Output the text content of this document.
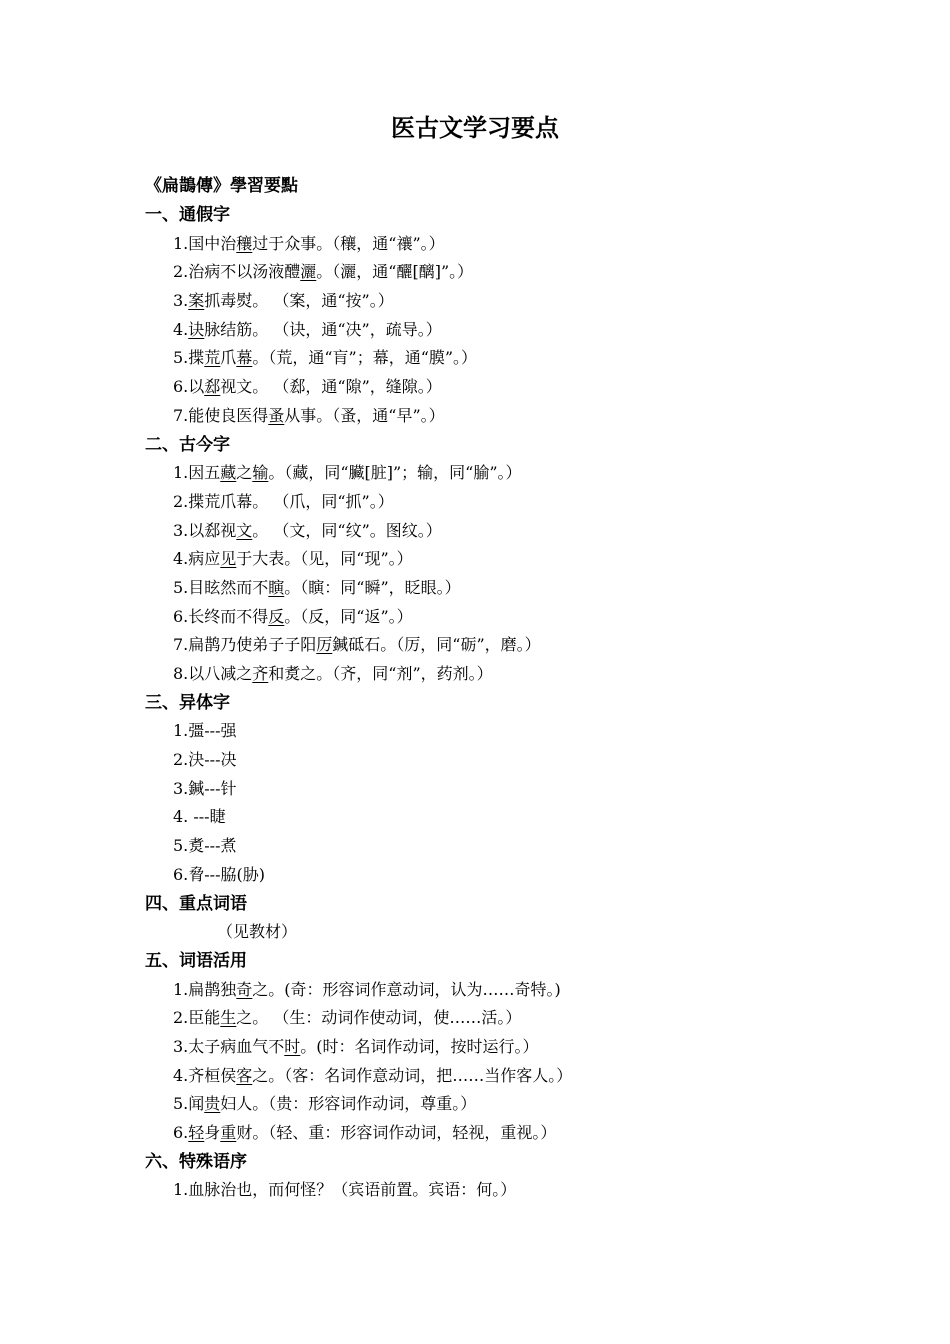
医古文学习要点
《扁鵲傳》學習要點
一、通假字
1.国中治穰过于众事。（穰，通“禳”。）
2.治病不以汤液醴灑。（灑，通“釃[醨]”。）
3.案抓毒熨。 （案，通“按”。）
4.诀脉结筋。 （诀，通“决”，疏导。）
5.揲荒爪幕。（荒，通“肓”；幕，通“膜”。）
6.以郄视文。 （郄，通“隙”，缝隙。）
7.能使良医得蚤从事。（蚤，通“早”。）
二、古今字
1.因五藏之输。（藏，同“臟[脏]”；输，同“腧”。）
2.揲荒爪幕。 （爪，同“抓”。）
3.以郄视文。 （文，同“纹”。图纹。）
4.病应见于大表。（见，同“现”。）
5.目眩然而不瞚。（瞚：同“瞬”，眨眼。）
6.长终而不得反。（反，同“返”。）
7.扁鹊乃使弟子子阳厉鍼砥石。（厉，同“砺”，磨。）
8.以八减之齐和煑之。（齐，同“剂”，药剂。）
三、异体字
1.彊---强
2.決---决
3.鍼---针
4. ---睫
5.煑---煮
6.脅---脇(胁)
四、重点词语
（见教材）
五、词语活用
1.扁鹊独奇之。(奇：形容词作意动词，认为……奇特。)
2.臣能生之。 （生：动词作使动词，使……活。）
3.太子病血气不时。(时：名词作动词，按时运行。）
4.齐桓侯客之。（客：名词作意动词，把……当作客人。）
5.闻贵妇人。（贵：形容词作动词，尊重。）
6.轻身重财。（轻、重：形容词作动词，轻视，重视。）
六、特殊语序
1.血脉治也，而何怪？（宾语前置。宾语：何。）
